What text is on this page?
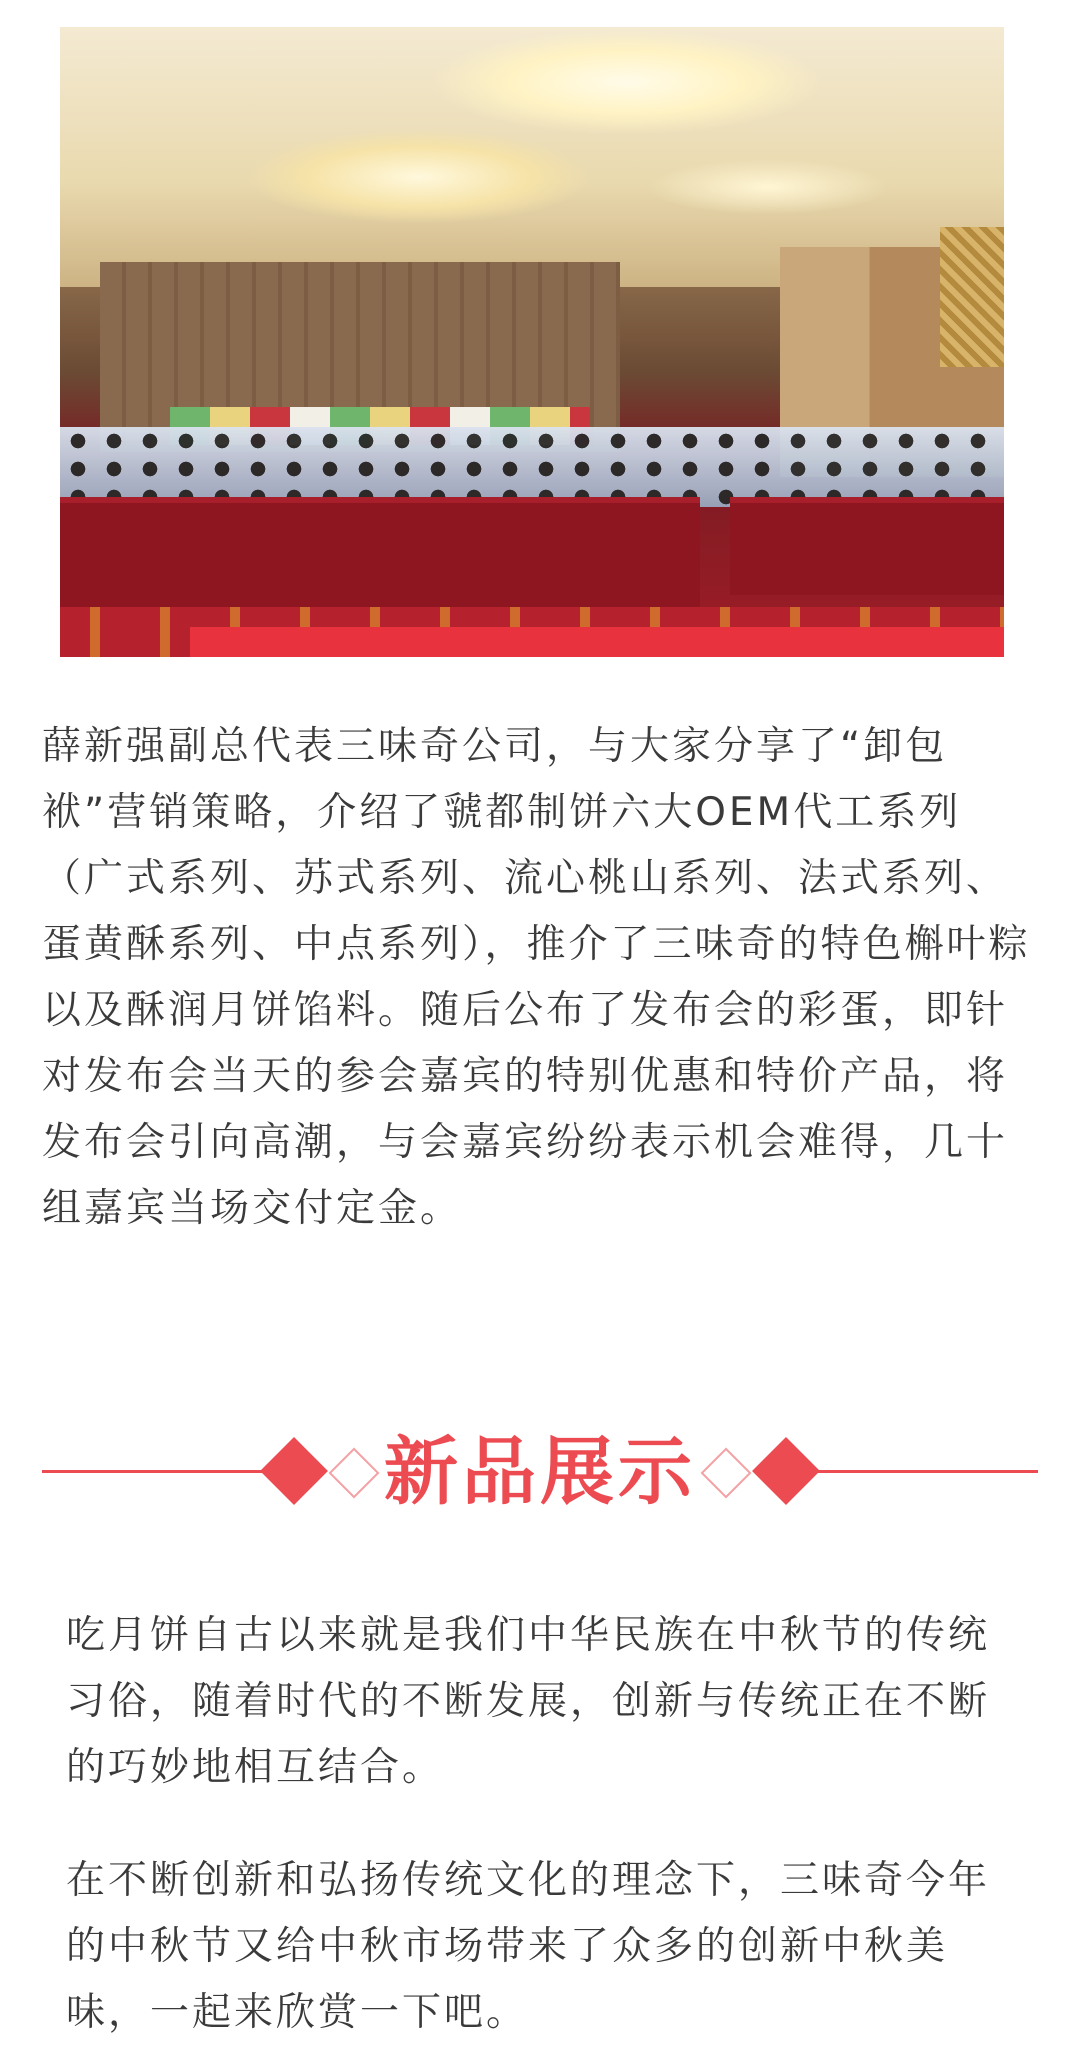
薛新强副总代表三味奇公司，与大家分享了“卸包袱”营销策略，介绍了虢都制饼六大OEM代工系列（广式系列、苏式系列、流心桃山系列、法式系列、蛋黄酥系列、中点系列），推介了三味奇的特色槲叶粽以及酥润月饼馅料。随后公布了发布会的彩蛋，即针对发布会当天的参会嘉宾的特别优惠和特价产品，将发布会引向高潮，与会嘉宾纷纷表示机会难得，几十组嘉宾当场交付定金。

新品展示

吃月饼自古以来就是我们中华民族在中秋节的传统习俗，随着时代的不断发展，创新与传统正在不断的巧妙地相互结合。

在不断创新和弘扬传统文化的理念下，三味奇今年的中秋节又给中秋市场带来了众多的创新中秋美味，一起来欣赏一下吧。
